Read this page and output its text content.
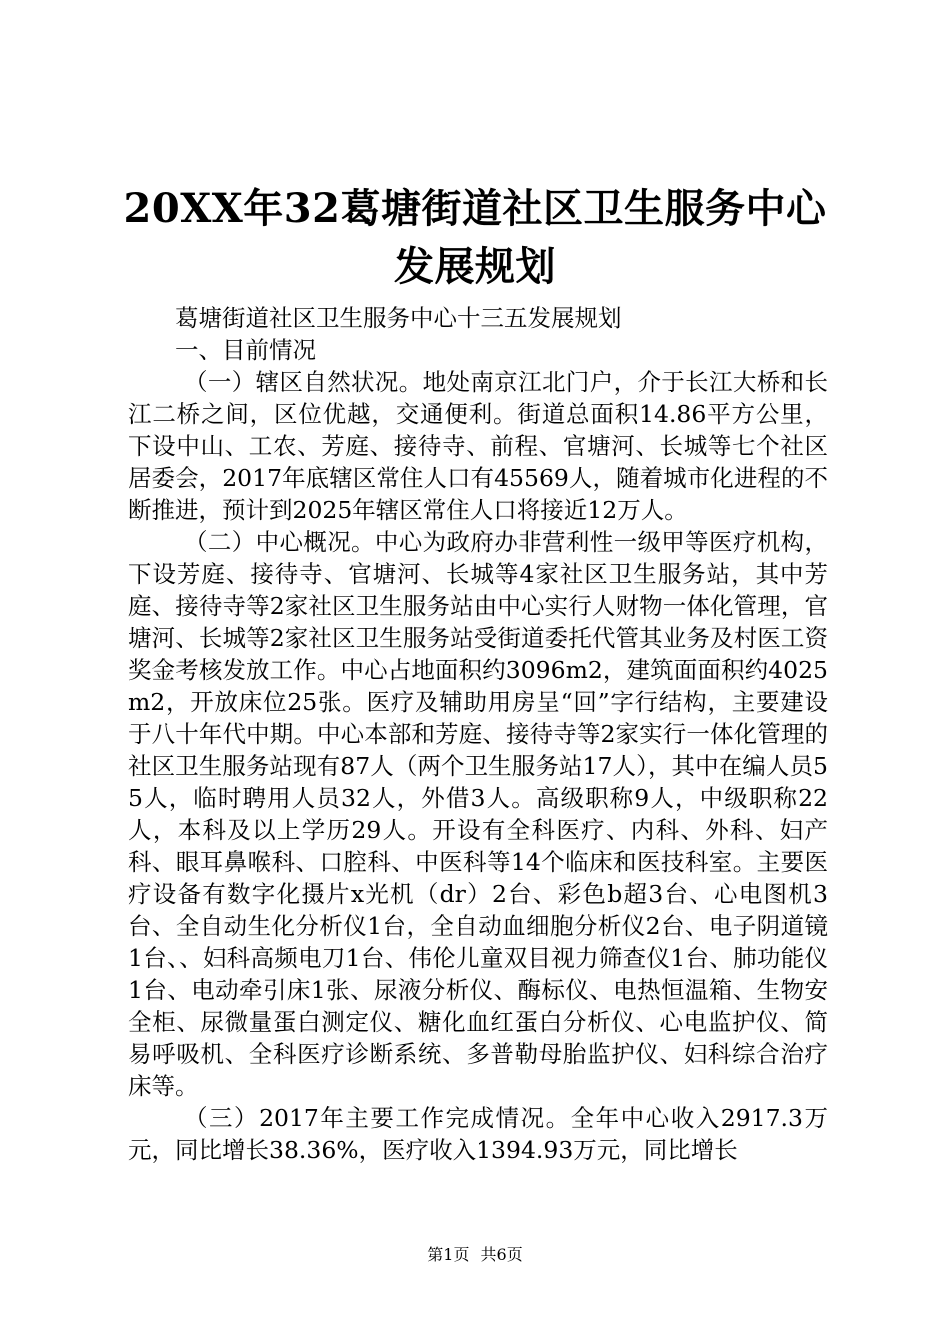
20XX年32葛塘街道社区卫生服务中心发展规划

葛塘街道社区卫生服务中心十三五发展规划

一、目前情况

（一）辖区自然状况。地处南京江北门户，介于长江大桥和长江二桥之间，区位优越，交通便利。街道总面积14.86平方公里，下设中山、工农、芳庭、接待寺、前程、官塘河、长城等七个社区居委会，2017年底辖区常住人口有45569人，随着城市化进程的不断推进，预计到2025年辖区常住人口将接近12万人。

（二）中心概况。中心为政府办非营利性一级甲等医疗机构，下设芳庭、接待寺、官塘河、长城等4家社区卫生服务站，其中芳庭、接待寺等2家社区卫生服务站由中心实行人财物一体化管理，官塘河、长城等2家社区卫生服务站受街道委托代管其业务及村医工资奖金考核发放工作。中心占地面积约3096m2，建筑面面积约4025m2，开放床位25张。医疗及辅助用房呈“回”字行结构，主要建设于八十年代中期。中心本部和芳庭、接待寺等2家实行一体化管理的社区卫生服务站现有87人（两个卫生服务站17人），其中在编人员55人，临时聘用人员32人，外借3人。高级职称9人，中级职称22人，本科及以上学历29人。开设有全科医疗、内科、外科、妇产科、眼耳鼻喉科、口腔科、中医科等14个临床和医技科室。主要医疗设备有数字化摄片x光机（dr）2台、彩色b超3台、心电图机3台、全自动生化分析仪1台，全自动血细胞分析仪2台、电子阴道镜1台、、妇科高频电刀1台、伟伦儿童双目视力筛查仪1台、肺功能仪1台、电动牵引床1张、尿液分析仪、酶标仪、电热恒温箱、生物安全柜、尿微量蛋白测定仪、糖化血红蛋白分析仪、心电监护仪、简易呼吸机、全科医疗诊断系统、多普勒母胎监护仪、妇科综合治疗床等。

（三）2017年主要工作完成情况。全年中心收入2917.3万元，同比增长38.36%，医疗收入1394.93万元，同比增长

第1页 共6页
